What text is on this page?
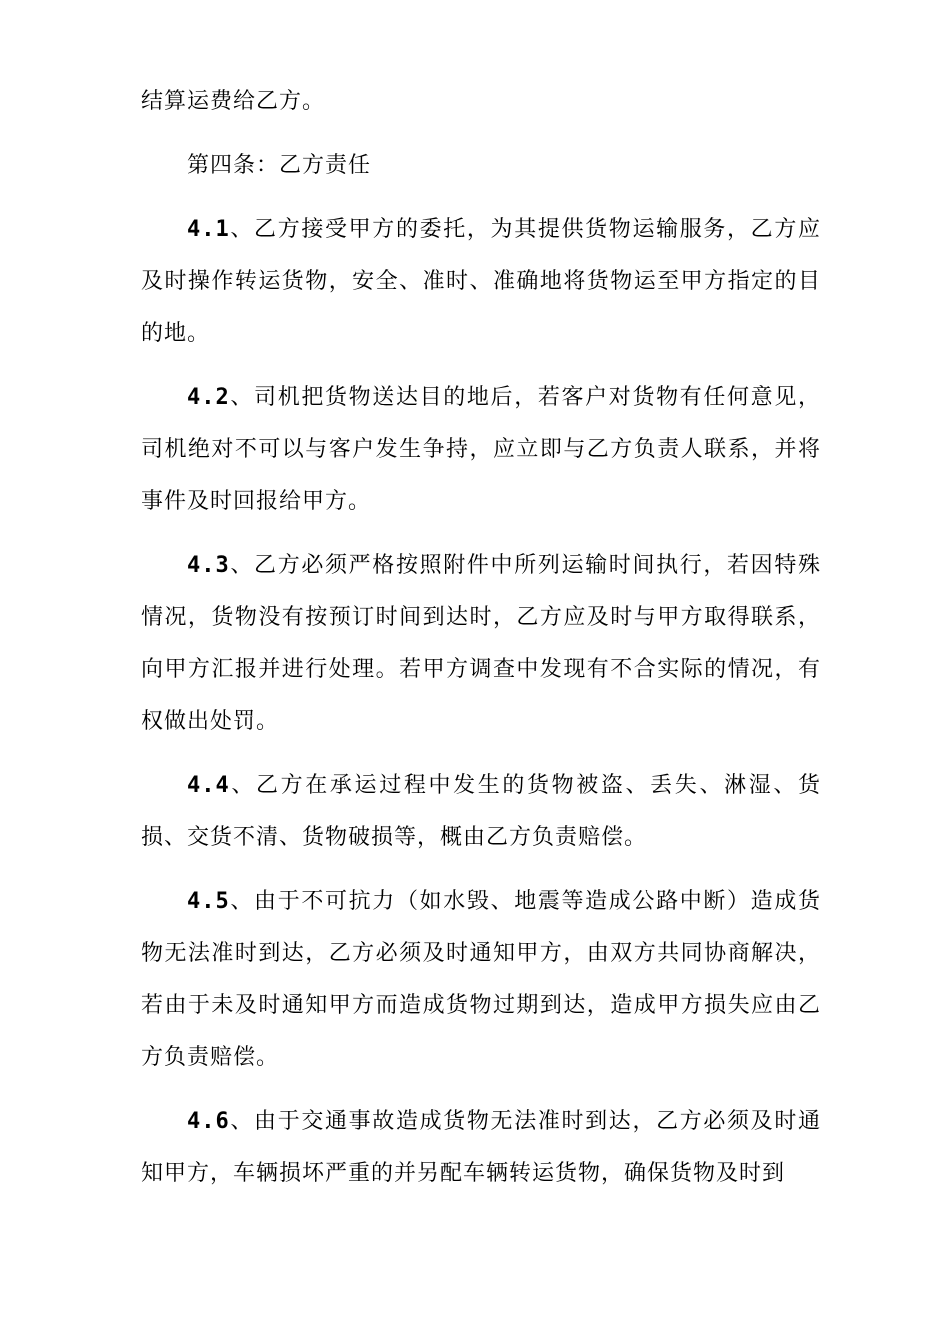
结算运费给乙方。

第四条：乙方责任

4.1、乙方接受甲方的委托，为其提供货物运输服务，乙方应及时操作转运货物，安全、准时、准确地将货物运至甲方指定的目的地。

4.2、司机把货物送达目的地后，若客户对货物有任何意见，司机绝对不可以与客户发生争持，应立即与乙方负责人联系，并将事件及时回报给甲方。

4.3、乙方必须严格按照附件中所列运输时间执行，若因特殊情况，货物没有按预订时间到达时，乙方应及时与甲方取得联系，向甲方汇报并进行处理。若甲方调查中发现有不合实际的情况，有权做出处罚。

4.4、乙方在承运过程中发生的货物被盗、丢失、淋湿、货损、交货不清、货物破损等，概由乙方负责赔偿。

4.5、由于不可抗力（如水毁、地震等造成公路中断）造成货物无法准时到达，乙方必须及时通知甲方，由双方共同协商解决，若由于未及时通知甲方而造成货物过期到达，造成甲方损失应由乙方负责赔偿。

4.6、由于交通事故造成货物无法准时到达，乙方必须及时通知甲方，车辆损坏严重的并另配车辆转运货物，确保货物及时到
